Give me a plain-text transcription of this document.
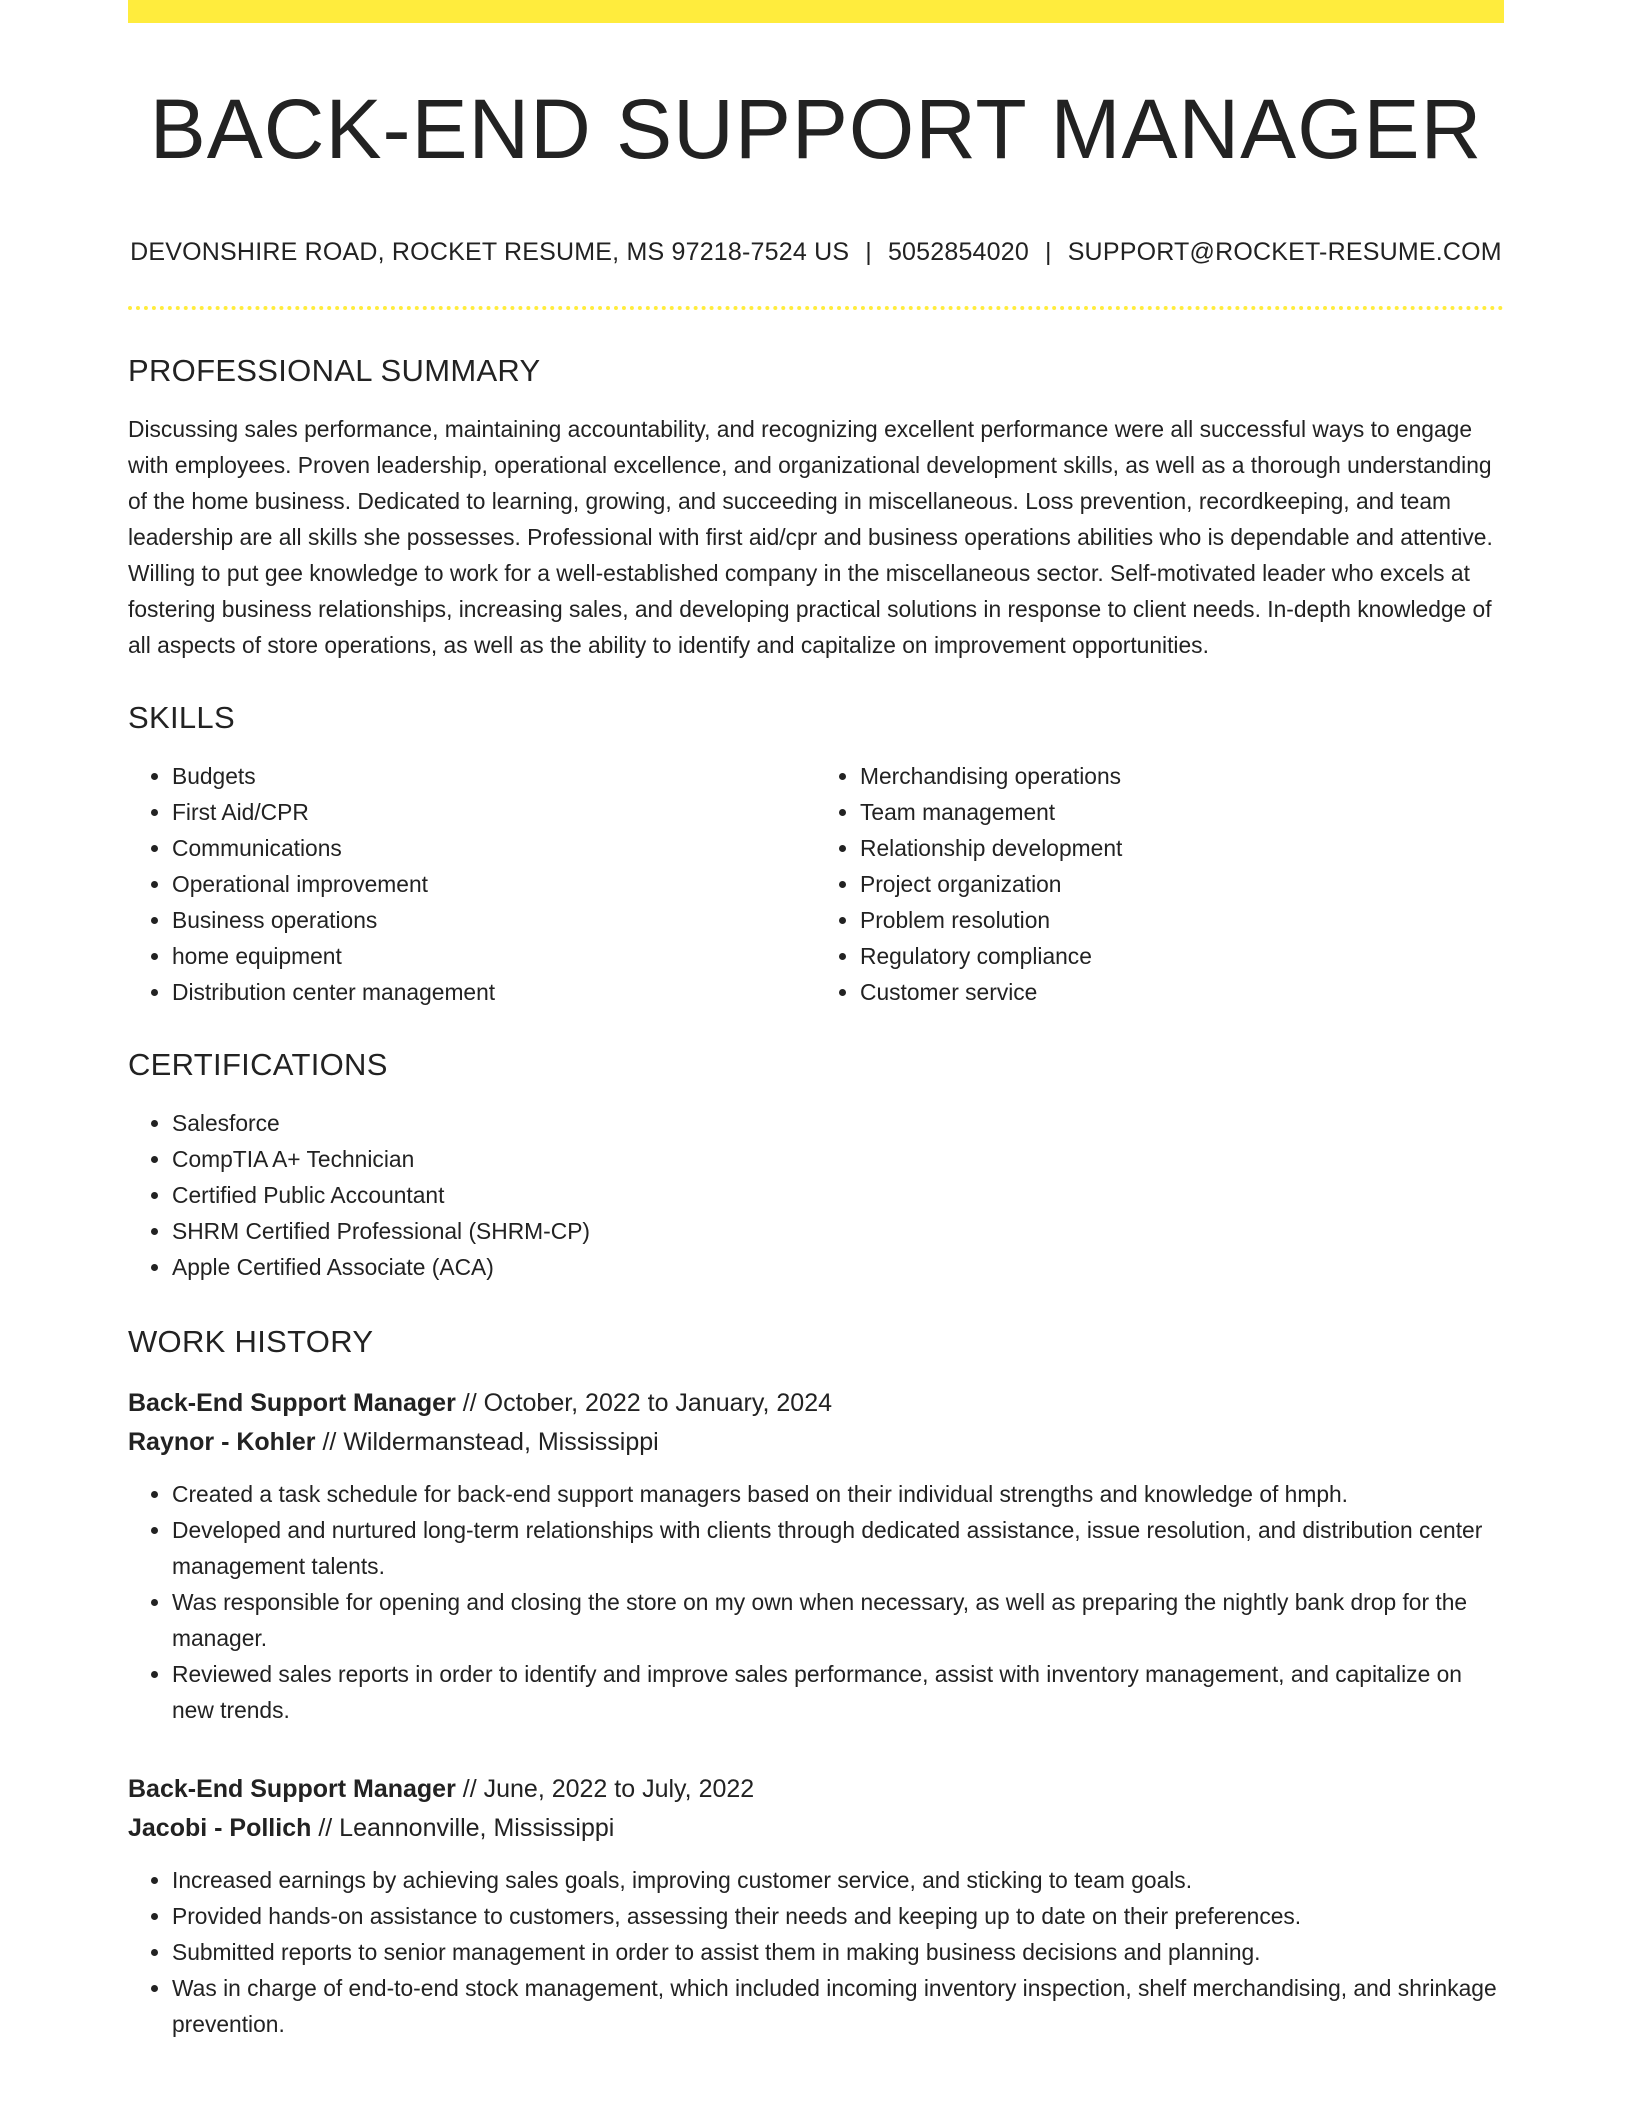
BACK-END SUPPORT MANAGER
DEVONSHIRE ROAD, ROCKET RESUME, MS 97218-7524 US | 5052854020 | SUPPORT@ROCKET-RESUME.COM
PROFESSIONAL SUMMARY

Discussing sales performance, maintaining accountability, and recognizing excellent performance were all successful ways to engage with employees. Proven leadership, operational excellence, and organizational development skills, as well as a thorough understanding of the home business. Dedicated to learning, growing, and succeeding in miscellaneous. Loss prevention, recordkeeping, and team leadership are all skills she possesses. Professional with first aid/cpr and business operations abilities who is dependable and attentive. Willing to put gee knowledge to work for a well-established company in the miscellaneous sector. Self-motivated leader who excels at fostering business relationships, increasing sales, and developing practical solutions in response to client needs. In-depth knowledge of all aspects of store operations, as well as the ability to identify and capitalize on improvement opportunities.

SKILLS
• Budgets
• First Aid/CPR
• Communications
• Operational improvement
• Business operations
• home equipment
• Distribution center management
• Merchandising operations
• Team management
• Relationship development
• Project organization
• Problem resolution
• Regulatory compliance
• Customer service
CERTIFICATIONS
• Salesforce
• CompTIA A+ Technician
• Certified Public Accountant
• SHRM Certified Professional (SHRM-CP)
• Apple Certified Associate (ACA)
WORK HISTORY
Back-End Support Manager // October, 2022 to January, 2024
Raynor - Kohler // Wildermanstead, Mississippi
• Created a task schedule for back-end support managers based on their individual strengths and knowledge of hmph.
• Developed and nurtured long-term relationships with clients through dedicated assistance, issue resolution, and distribution center management talents.
• Was responsible for opening and closing the store on my own when necessary, as well as preparing the nightly bank drop for the manager.
• Reviewed sales reports in order to identify and improve sales performance, assist with inventory management, and capitalize on new trends.
Back-End Support Manager // June, 2022 to July, 2022
Jacobi - Pollich // Leannonville, Mississippi
• Increased earnings by achieving sales goals, improving customer service, and sticking to team goals.
• Provided hands-on assistance to customers, assessing their needs and keeping up to date on their preferences.
• Submitted reports to senior management in order to assist them in making business decisions and planning.
• Was in charge of end-to-end stock management, which included incoming inventory inspection, shelf merchandising, and shrinkage prevention.
